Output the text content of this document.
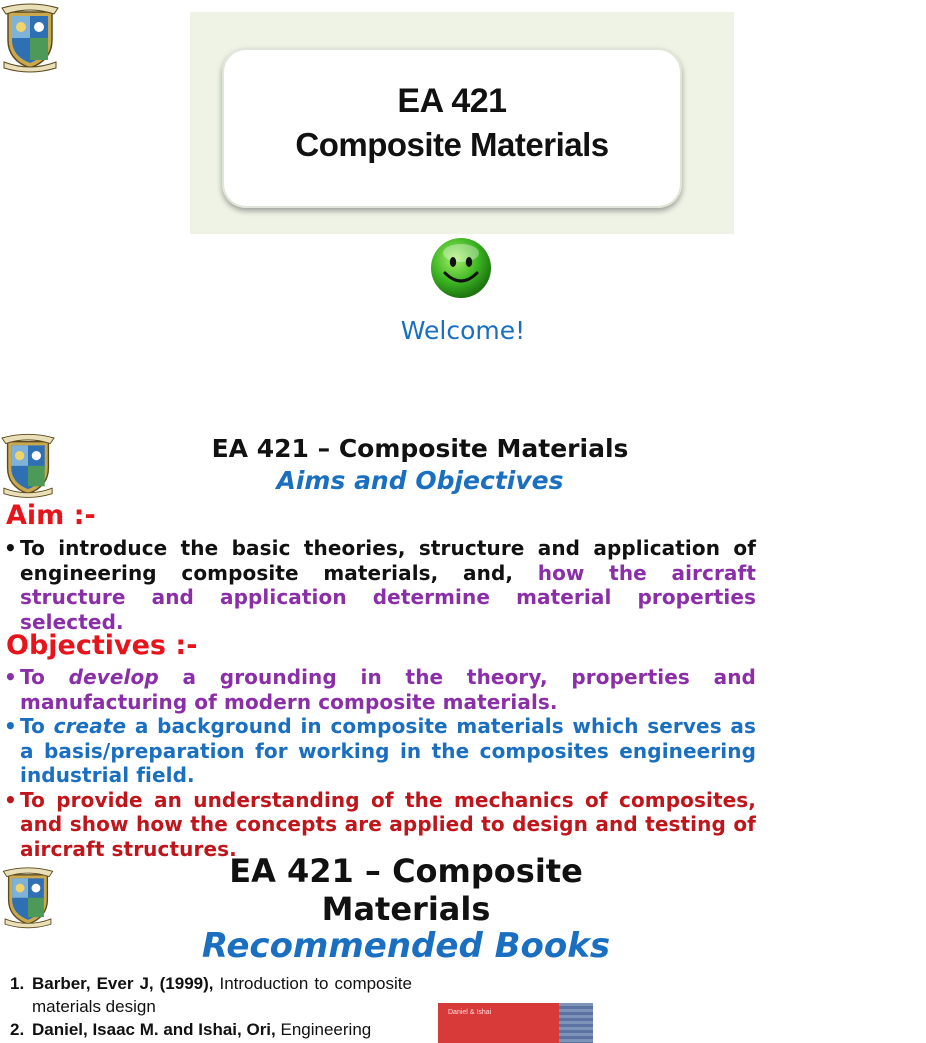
EA 421
Composite Materials
Welcome!
EA 421 – Composite Materials
Aims and Objectives
Aim :-
• To introduce the basic theories, structure and application of engineering composite materials, and, how the aircraft structure and application determine material properties selected.
Objectives :-
• To develop a grounding in the theory, properties and manufacturing of modern composite materials.
• To create a background in composite materials which serves as a basis/preparation for working in the composites engineering industrial field.
• To provide an understanding of the mechanics of composites, and show how the concepts are applied to design and testing of aircraft structures.
EA 421 – Composite
Materials
Recommended Books
1. Barber, Ever J, (1999), Introduction to composite materials design
2. Daniel, Isaac M. and Ishai, Ori, Engineering
Daniel & Ishai
